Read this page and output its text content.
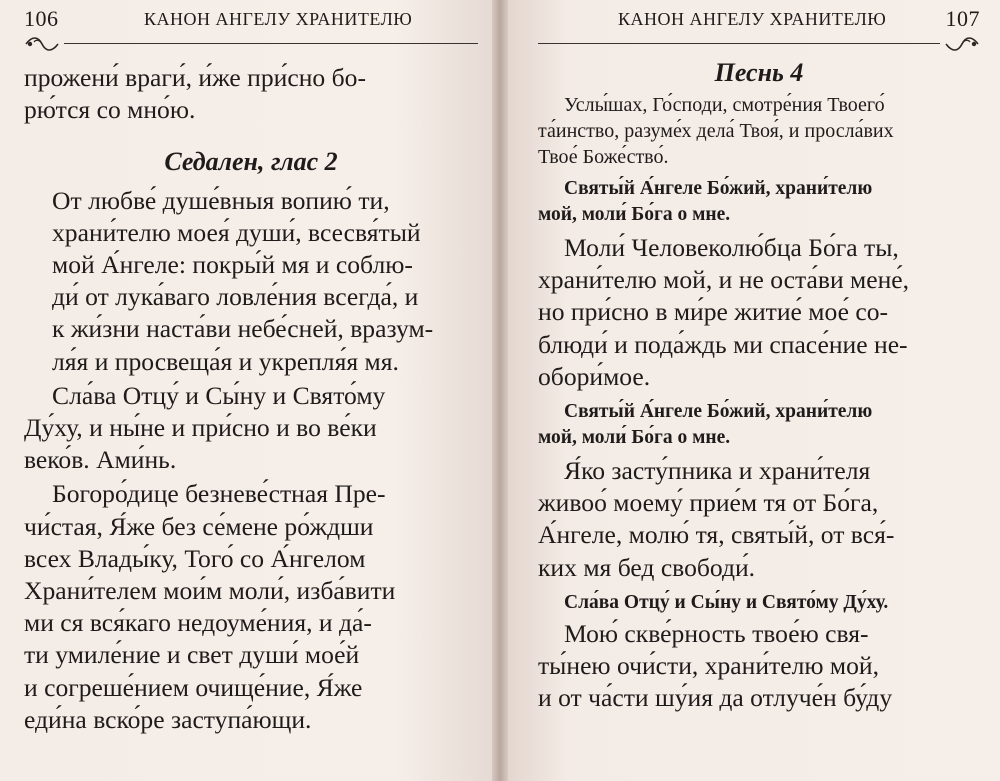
106	КАНОН АНГЕЛУ ХРАНИТЕЛЮ

прожени́ враги́, и́же при́сно бо-
рю́тся со мно́ю.

Седален, глас 2

От любве́ душе́вныя вопию́ ти,
храни́телю моея́ души́, всесвя́тый
мой А́нгеле: покры́й мя и соблю-
ди́ от лука́ваго ловле́ния всегда́, и
к жи́зни наста́ви небе́сней, вразум-
ля́я и просвеща́я и укрепля́я мя.

Сла́ва Отцу́ и Сы́ну и Свято́му
Ду́ху, и ны́не и при́сно и во ве́ки
веко́в. Ами́нь.

Богоро́дице безневе́стная Пре-
чи́стая, Я́же без се́мене ро́ждши
всех Влады́ку, Того́ со А́нгелом
Храни́телем мои́м моли́, изба́вити
ми ся вся́каго недоуме́ния, и да́-
ти умиле́ние и свет души́ мое́й
и согреше́нием очище́ние, Я́же
еди́на вско́ре заступа́ющи.

КАНОН АНГЕЛУ ХРАНИТЕЛЮ	107

Песнь 4

Услы́шах, Го́споди, смотре́ния Твоего́
та́инство, разуме́х дела́ Твоя́, и просла́вих
Твое́ Боже́ство́.

Святы́й А́нгеле Бо́жий, храни́телю
мой, моли́ Бо́га о мне.

Моли́ Человеколю́бца Бо́га ты,
храни́телю мой, и не оста́ви мене́,
но при́сно в ми́ре житие́ мое́ со-
блюди́ и пода́ждь ми спасе́ние не-
обори́мое.

Святы́й А́нгеле Бо́жий, храни́телю
мой, моли́ Бо́га о мне.

Я́ко засту́пника и храни́теля
живоо́ моему́ прие́м тя от Бо́га,
А́нгеле, молю́ тя, святы́й, от вся́-
ких мя бед свободи́.

Сла́ва Отцу́ и Сы́ну и Свято́му Ду́ху.

Мою́ скве́рность твое́ю свя-
ты́нею очи́сти, храни́телю мой,
и от ча́сти шу́ия да отлуче́н бу́ду
